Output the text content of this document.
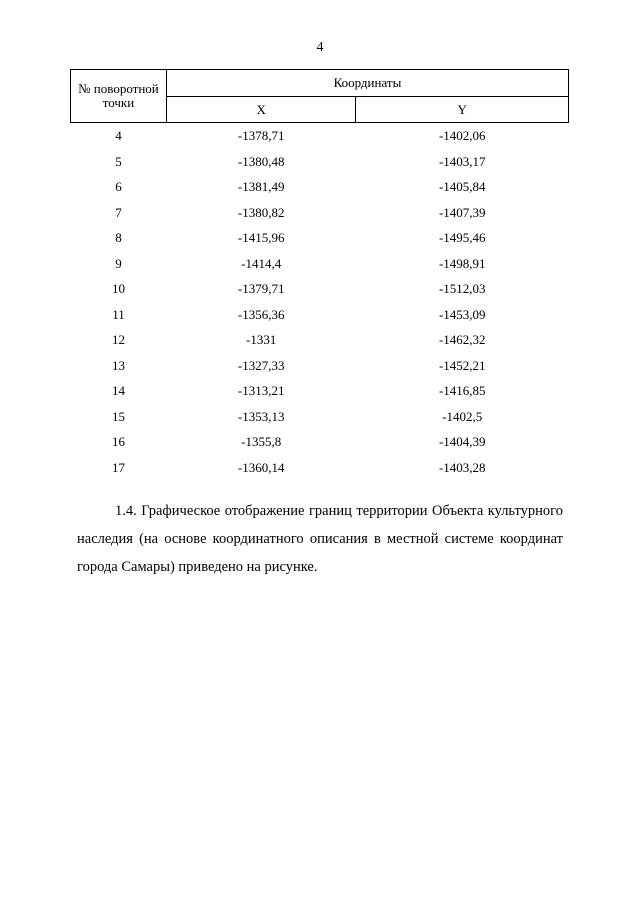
4
№ поворотной точки	Координаты	
	X	Y
4	-1378,71	-1402,06
5	-1380,48	-1403,17
6	-1381,49	-1405,84
7	-1380,82	-1407,39
8	-1415,96	-1495,46
9	-1414,4	-1498,91
10	-1379,71	-1512,03
11	-1356,36	-1453,09
12	-1331	-1462,32
13	-1327,33	-1452,21
14	-1313,21	-1416,85
15	-1353,13	-1402,5
16	-1355,8	-1404,39
17	-1360,14	-1403,28
1.4. Графическое отображение границ территории Объекта культурного наследия (на основе координатного описания в местной системе координат города Самары) приведено на рисунке.
